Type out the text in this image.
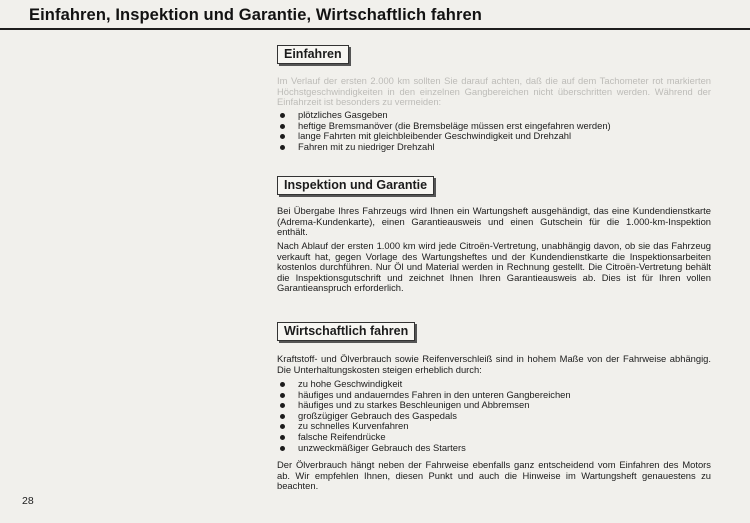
Einfahren, Inspektion und Garantie, Wirtschaftlich fahren
Einfahren

Im Verlauf der ersten 2.000 km sollten Sie darauf achten, daß die auf dem Tachometer rot markierten Höchstgeschwindigkeiten in den einzelnen Gangbereichen nicht überschritten werden. Während der Einfahrzeit ist besonders zu vermeiden:

plötzliches Gasgeben
heftige Bremsmanöver (die Bremsbeläge müssen erst eingefahren werden)
lange Fahrten mit gleichbleibender Geschwindigkeit und Drehzahl
Fahren mit zu niedriger Drehzahl
Inspektion und Garantie

Bei Übergabe Ihres Fahrzeugs wird Ihnen ein Wartungsheft ausgehändigt, das eine Kundendienstkarte (Adrema-Kundenkarte), einen Garantieausweis und einen Gutschein für die 1.000-km-Inspektion enthält.

Nach Ablauf der ersten 1.000 km wird jede Citroën-Vertretung, unabhängig davon, ob sie das Fahrzeug verkauft hat, gegen Vorlage des Wartungsheftes und der Kundendienstkarte die Inspektionsarbeiten kostenlos durchführen. Nur Öl und Material werden in Rechnung gestellt. Die Citroën-Vertretung behält die Inspektionsgutschrift und zeichnet Ihnen Ihren Garantieausweis ab. Dies ist für Ihren vollen Garantieanspruch erforderlich.

Wirtschaftlich fahren

Kraftstoff- und Ölverbrauch sowie Reifenverschleiß sind in hohem Maße von der Fahrweise abhängig. Die Unterhaltungskosten steigen erheblich durch:

zu hohe Geschwindigkeit
häufiges und andauerndes Fahren in den unteren Gangbereichen
häufiges und zu starkes Beschleunigen und Abbremsen
großzügiger Gebrauch des Gaspedals
zu schnelles Kurvenfahren
falsche Reifendrücke
unzweckmäßiger Gebrauch des Starters

Der Ölverbrauch hängt neben der Fahrweise ebenfalls ganz entscheidend vom Einfahren des Motors ab. Wir empfehlen Ihnen, diesen Punkt und auch die Hinweise im Wartungsheft genauestens zu beachten.

28
